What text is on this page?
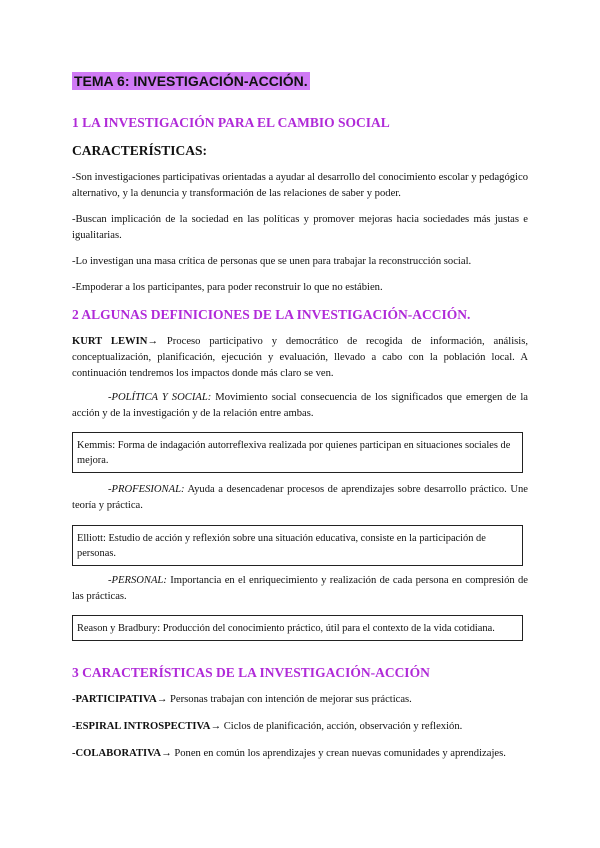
TEMA 6: INVESTIGACIÓN-ACCIÓN.
1 LA INVESTIGACIÓN PARA EL CAMBIO SOCIAL
CARACTERÍSTICAS:
-Son investigaciones participativas orientadas a ayudar al desarrollo del conocimiento escolar y pedagógico alternativo, y la denuncia y transformación de las relaciones de saber y poder.
-Buscan implicación de la sociedad en las políticas y promover mejoras hacia sociedades más justas e igualitarias.
-Lo investigan una masa crítica de personas que se unen para trabajar la reconstrucción social.
-Empoderar a los participantes, para poder reconstruir lo que no estábien.
2 ALGUNAS DEFINICIONES DE LA INVESTIGACIÓN-ACCIÓN.
KURT LEWIN→ Proceso participativo y democrático de recogida de información, análisis, conceptualización, planificación, ejecución y evaluación, llevado a cabo con la población local. A continuación tendremos los impactos donde más claro se ven.
-POLÍTICA Y SOCIAL: Movimiento social consecuencia de los significados que emergen de la acción y de la investigación y de la relación entre ambas.
Kemmis: Forma de indagación autorreflexiva realizada por quienes participan en situaciones sociales de mejora.
-PROFESIONAL: Ayuda a desencadenar procesos de aprendizajes sobre desarrollo práctico. Une teoría y práctica.
Elliott: Estudio de acción y reflexión sobre una situación educativa, consiste en la participación de personas.
-PERSONAL: Importancia en el enriquecimiento y realización de cada persona en compresión de las prácticas.
Reason y Bradbury: Producción del conocimiento práctico, útil para el contexto de la vida cotidiana.
3 CARACTERÍSTICAS DE LA INVESTIGACIÓN-ACCIÓN
-PARTICIPATIVA→ Personas trabajan con intención de mejorar sus prácticas.
-ESPIRAL INTROSPECTIVA→ Ciclos de planificación, acción, observación y reflexión.
-COLABORATIVA→ Ponen en común los aprendizajes y crean nuevas comunidades y aprendizajes.
